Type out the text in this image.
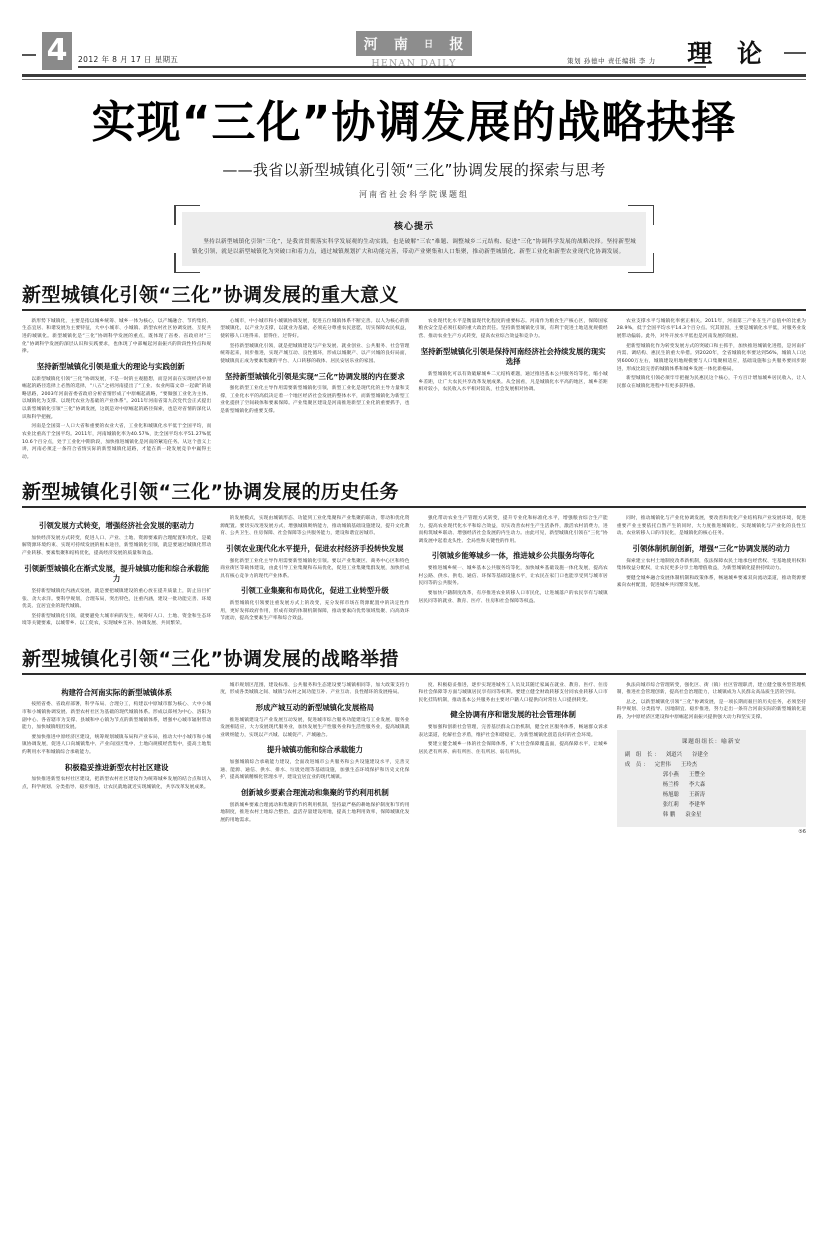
4	2012 年 8 月 17 日 星期五
河 南 日 报
HENAN DAILY	策划 孙德中 责任编辑 李 力 理 论
实现“三化”协调发展的战略抉择
——我省以新型城镇化引领“三化”协调发展的探索与思考
河南省社会科学院课题组
核心提示
坚持以新型城镇化引领“三化”，是我省贯彻落实科学发展观的生动实践，也是破解“三农”难题、调整城乡二元结构、促进“三化”协调科学发展的战略决择。坚持新型城镇化引领，就是以新型城镇化为突破口和着力点，通过城镇规划扩大和功能完善，带动产业聚集和人口集聚，推动新型城镇化、新型工业化和新型农业现代化协调发展。
新型城镇化引领“三化”协调发展的重大意义

新形势下城镇化，主要是指以城乡统筹、城乡一体为核心，以产城融合、节约集约、生态宜居、和谐发展为主要特征，大中小城市、小城镇、新型农村社区协调发展、互促共进的城镇化。新型城镇化是“三化”协调科学发展的重点，既体现了省委、省政府对“三化”协调科学发展的深层认识和实践要求，也体现了中部崛起河南振兴的阶段性特点和规律。

坚持新型城镇化引领是重大的理论与实践创新

以新型城镇化引领“三化”协调发展，不是一时的主观臆想，而是河南在实现经济中原崛起的路径选择上必然的选择，“八五”之初河南提出了“工业、农业两篇文章一起做”的战略思路，2003年河南省委省政府分析省情形成了中原崛起战略，“要做强工业化为主体、以城镇化为支撑、以现代农业为基础的产业体系”。2011年河南省第九次党代会正式提出以新型城镇化引领“三化”协调发展，这既是对中原崛起的路径探索，也是对省情的深化认识和科学把握。

河南是全国第一人口大省和重要的农业大省，工业化和城镇化水平低于全国平均，而农业比重高于全国平均。2011年，河南城镇化率为40.57%，比全国平均水平51.27%低10.6个百分点，处于工业化中期阶段，加快推进城镇化是河南的紧迫任务。从这个意义上讲，河南必须走一条符合省情实际的新型城镇化道路，才能在新一轮发展竞争中赢得主动。

心城市，中小城市和小城镇协调发展，促进五位城镇体系不断完善。以人为核心的新型城镇化，以产业为支撑，以就业为基础，必须充分尊重农民意愿，切实保障农民权益，使转移人口进得来、留得住、过得好。

坚持新型城镇化引领，就是把城镇建设与产业发展、就业创业、公共服务、社会管理统筹起来，同步推进，实现产城互动、良性循环，形成以城聚产、以产兴城的良好局面，使城镇真正成为要素集聚的平台、人口转移的载体、居民安居乐业的家园。

坚持新型城镇化引领是实现“三化”协调发展的内在要求

强化新型工业化主导作用需要新型城镇化引领，新型工业化是现代化的主导力量和支撑，工业化水平的高低决定着一个地区经济社会发展的整体水平，而新型城镇化为新型工业化提供了空间载体和要素保障。产业集聚区建设是河南推进新型工业化的重要抓手，也是新型城镇化的重要支撑。

农业现代化水平是衡量现代化程度的重要标志。河南作为粮食生产核心区，保障国家粮食安全是必须扛稳的重大政治责任。坚持新型城镇化引领，有利于促进土地适度规模经营、推动农业生产方式转变，提高农业综合效益和竞争力。

坚持新型城镇化引领是保持河南经济社会持续发展的现实选择

新型城镇化可以有效破解城乡二元结构难题，通过推进基本公共服务均等化，缩小城乡差距，让广大农民共享改革发展成果。从全国看，凡是城镇化水平高的地区，城乡差距相对较小，农民收入水平相对较高，社会发展相对协调。

农业支撑水平与城镇化率密正相关。2011年，河南第三产业在生产总值中的比重为28.9%，低于全国平均水平14.3个百分点。究其原因，主要是城镇化水平低，对服务业发展带动偏弱。此外，对外开放水平低也是河南发展的短板。

把新型城镇化作为转变发展方式的突破口和主抓手，加快推进城镇化进程，是河南扩内需、调结构、惠民生的重大举措。到2020年，全省城镇化率要达到56%，城镇人口达到6000万左右，城镇建设用地规模要与人口集聚相适应，基础设施和公共服务要同步跟进，形成比较完善的城镇体系和城乡发展一体化新格局。

新型城镇化引领必须牢牢把握为民惠民这个核心，千方百计增加城乡居民收入，让人民群众在城镇化进程中有更多获得感。

新型城镇化引领“三化”协调发展的历史任务
引领发展方式转变，增强经济社会发展的驱动力

加快经济发展方式转变，促进人口、产业、土地、资源要素的合理配置和优化，是破解资源环境约束、实现可持续发展的根本途径，新型城镇化引领，就是要通过城镇化带动产业转移、要素集聚和结构优化，提高经济发展的质量和效益。

引领新型城镇化在渐式发展，提升城镇功能和综合承载能力

坚持新型城镇化内涵式发展，就是要把城镇建设的重心放在提升质量上，防止盲目扩张、贪大求洋。要科学规划，合理布局，突出特色，注重内涵，建设一批功能完善、环境优美、宜居宜业的现代城镇。

坚持新型城镇化引领，就要避免大城市病的发生，统筹好人口、土地、资金和生态环境等关键要素，以城带乡、以工促农，实现城乡互补、协调发展、共同繁荣。

的发展模式，实现由城镇形态、功能到工业化集聚和产业集聚的联动，带动和优化资源配置。要切实改进发展方式，增强城镇吸纳能力，推动城镇基础设施建设，提升文化教育、公共卫生、住房保障、社会保障等公共服务能力，建设和谐宜居城市。

引领农业现代化水平提升，促进农村经济手投转快发展

强化新型工业化主导作用需要新型城镇化引领。要以产业集聚区、商务中心区和特色商业街区等载体建设，由此引导工业集聚和布局优化，促进工业集聚集群发展，加快形成具有核心竞争力的现代产业体系。

引领工业集聚和布局优化，促进工业转型升级

新型城镇化引领要注重发展方式上的改变，充分发挥市场在资源配置中的决定性作用，更好发挥政府作用，形成有效的体制机制保障，推动要素向优势领域集聚、向高效环节流动，提高全要素生产率和综合效益。

强化带动农业生产管理方式转变，提升专业化和标准化水平，增强粮食综合生产能力，提高农业现代化水平和综合效益，切实改善农村生产生活条件，激活农村消费力，进而构筑城乡联动、增强经济社会发展的内生动力。由此可见，新型城镇化引领在“三化”协调发展中起着龙头性、全局性和关键性的作用。

引领城乡能筹城乡一体，推进城乡公共服务均等化

要推进城乡统一、城乡基本公共服务均等化，加快城乡基础设施一体化发展，提高农村公路、供水、供电、通信、环保等基础设施水平，让农民在家门口也能享受到与城市居民同等的公共服务。

要加快户籍制度改革，有序推进农业转移人口市民化，让进城落户的农民享有与城镇居民同等的就业、教育、医疗、住房和社会保障等权益。

同时，推动城镇化与产业化协调发展，要改善和优化产业结构和产业发展环境，促进重要产业主要依托自然产生的同时，大力度推进城镇化，实现城镇化与产业化的良性互动。农业转移人口的市民化，是城镇化的核心任务。

引领体制机制创新，增强“三化”协调发展的动力

探索建立农村土地制度改革新机制，依法保障农民土地承包经营权、宅基地使用权和集体收益分配权，让农民更多分享土地增值收益，为新型城镇化提供持续动力。

要健全城乡融合发展体制机制和政策体系，畅通城乡要素双向流动渠道，推动资源要素向农村配置，促进城乡共同繁荣发展。

新型城镇化引领“三化”协调发展的战略举措
构建符合河南实际的新型城镇体系

按照省委、省政府部署，科学布局、合理分工，构建以中原城市群为核心、大中小城市和小城镇协调发展、新型农村社区为基础的现代城镇体系。形成以郑州为中心、洛阳为副中心、各省辖市为支撑、县城和中心镇为节点的新型城镇体系，增强中心城市辐射带动能力，加快城镇组团发展。

要加快推进中原经济区建设，统筹规划城镇布局和产业布局，推动大中小城市和小城镇协调发展，促进人口向城镇集中、产业向园区集中、土地向规模经营集中，提高土地集约利用水平和城镇综合承载能力。

积极稳妥推进新型农村社区建设

加快推进新型农村社区建设，把新型农村社区建设作为统筹城乡发展的结合点和切入点，科学规划、分类指导、稳步推进，让农民就地就近实现城镇化，共享改革发展成果。

城市规划区范围，建设标准、公共服务和生态建设要与城镇相同等，加大政策支持力度，形成各类城镇之间、城镇与农村之间功能互补、产业互动、良性循环的发展格局。

形成产城互动的新型城镇化发展格局

推进城镇建设与产业发展互动发展，促进城市综合服务功能建设与工业发展、服务业发展相适应，大力发展现代服务业，加快发展生产性服务业和生活性服务业，提高城镇就业吸纳能力，实现以产兴城、以城促产、产城融合。

提升城镇功能和综合承载能力

加强城镇综合承载能力建设，全面改进城市公共服务和公共设施建设水平，完善交通、能源、通信、供水、排水、垃圾处理等基础设施，加强生态环境保护和历史文化保护，提高城镇精细化管理水平，建设宜居宜业的现代城镇。

创新城乡要素合理流动和集聚的节约利用机制

创新城乡要素合理流动和集聚的节约利用机制，坚持最严格的耕地保护制度和节约用地制度，推进农村土地综合整治，盘活存量建设用地，提高土地利用效率，保障城镇化发展的用地需求。

度、积极稳妥推进，逐步实现进城务工人员及其随迁家属在就业、教育、医疗、住房和社会保障等方面与城镇居民享有同等权利。要建立健全财政转移支付同农业转移人口市民化挂钩机制，推动基本公共服务由主要对户籍人口提供向对常住人口提供转变。

健全协调有序和谐发展的社会管理体制

要加强和创新社会管理，完善基层群众自治机制，健全社区服务体系，畅通群众诉求表达渠道，化解社会矛盾，维护社会和谐稳定，为新型城镇化创造良好的社会环境。

要建立健全城乡一体的社会保障体系，扩大社会保障覆盖面，提高保障水平，让城乡居民老有所养、病有所医、住有所居、弱有所扶。

执法向城市综合管理转变，强化区、街（镇）社区管理职责，建立健全服务型管理机制，推进社会管理创新，提高社会治理能力，让城镇成为人民群众高品质生活的空间。

总之，以新型城镇化引领“三化”协调发展，是一项长期而艰巨的历史任务，必须坚持科学规划、分类指导、因地制宜、稳步推进，努力走出一条符合河南实际的新型城镇化道路，为中原经济区建设和中原崛起河南振兴提供强大动力和坚实支撑。

课题组组长：喻新安
副 组 长： 刘道兴 谷建全
成 员： 完世伟 王玲杰
郭小燕 王豐全
杨兰桥 李大森
杨旭聪 王新涛
张红莉 李建华
韩 鹏 袁金星
⑤6
